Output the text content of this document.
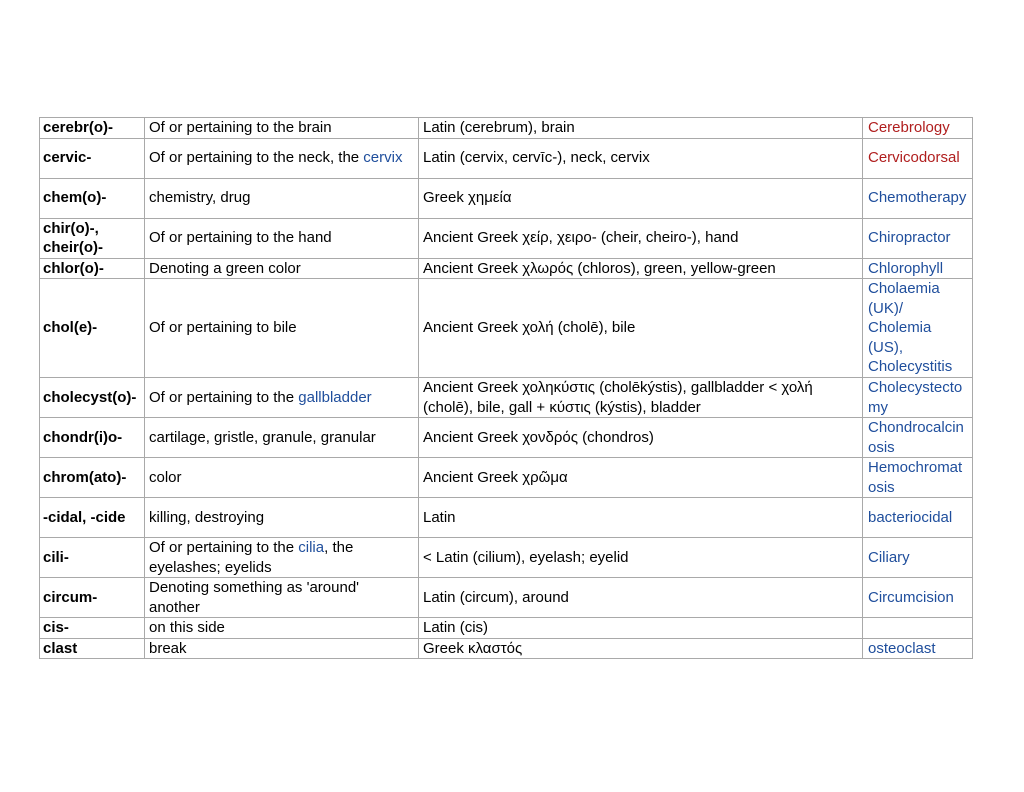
cerebr(o)-	Of or pertaining to the brain	Latin (cerebrum), brain	Cerebrology
cervic-	Of or pertaining to the neck, the cervix	Latin (cervix, cervīc-), neck, cervix	Cervicodorsal
chem(o)-	chemistry, drug	Greek χημεία	Chemotherapy
chir(o)-, cheir(o)-	Of or pertaining to the hand	Ancient Greek χείρ, χειρο- (cheir, cheiro-), hand	Chiropractor
chlor(o)-	Denoting a green color	Ancient Greek χλωρός (chloros), green, yellow-green	Chlorophyll
chol(e)-	Of or pertaining to bile	Ancient Greek χολή (cholē), bile	Cholaemia (UK)/ Cholemia (US), Cholecystitis
cholecyst(o)-	Of or pertaining to the gallbladder	Ancient Greek χοληκύστις (cholēkýstis), gallbladder < χολή (cholē), bile, gall + κύστις (kýstis), bladder	Cholecystectomy
chondr(i)o-	cartilage, gristle, granule, granular	Ancient Greek χονδρός (chondros)	Chondrocalcinosis
chrom(ato)-	color	Ancient Greek χρῶμα	Hemochromatosis
-cidal, -cide	killing, destroying	Latin	bacteriocidal
cili-	Of or pertaining to the cilia, the eyelashes; eyelids	< Latin (cilium), eyelash; eyelid	Ciliary
circum-	Denoting something as 'around' another	Latin (circum), around	Circumcision
cis-	on this side	Latin (cis)	
clast	break	Greek κλαστός	osteoclast
